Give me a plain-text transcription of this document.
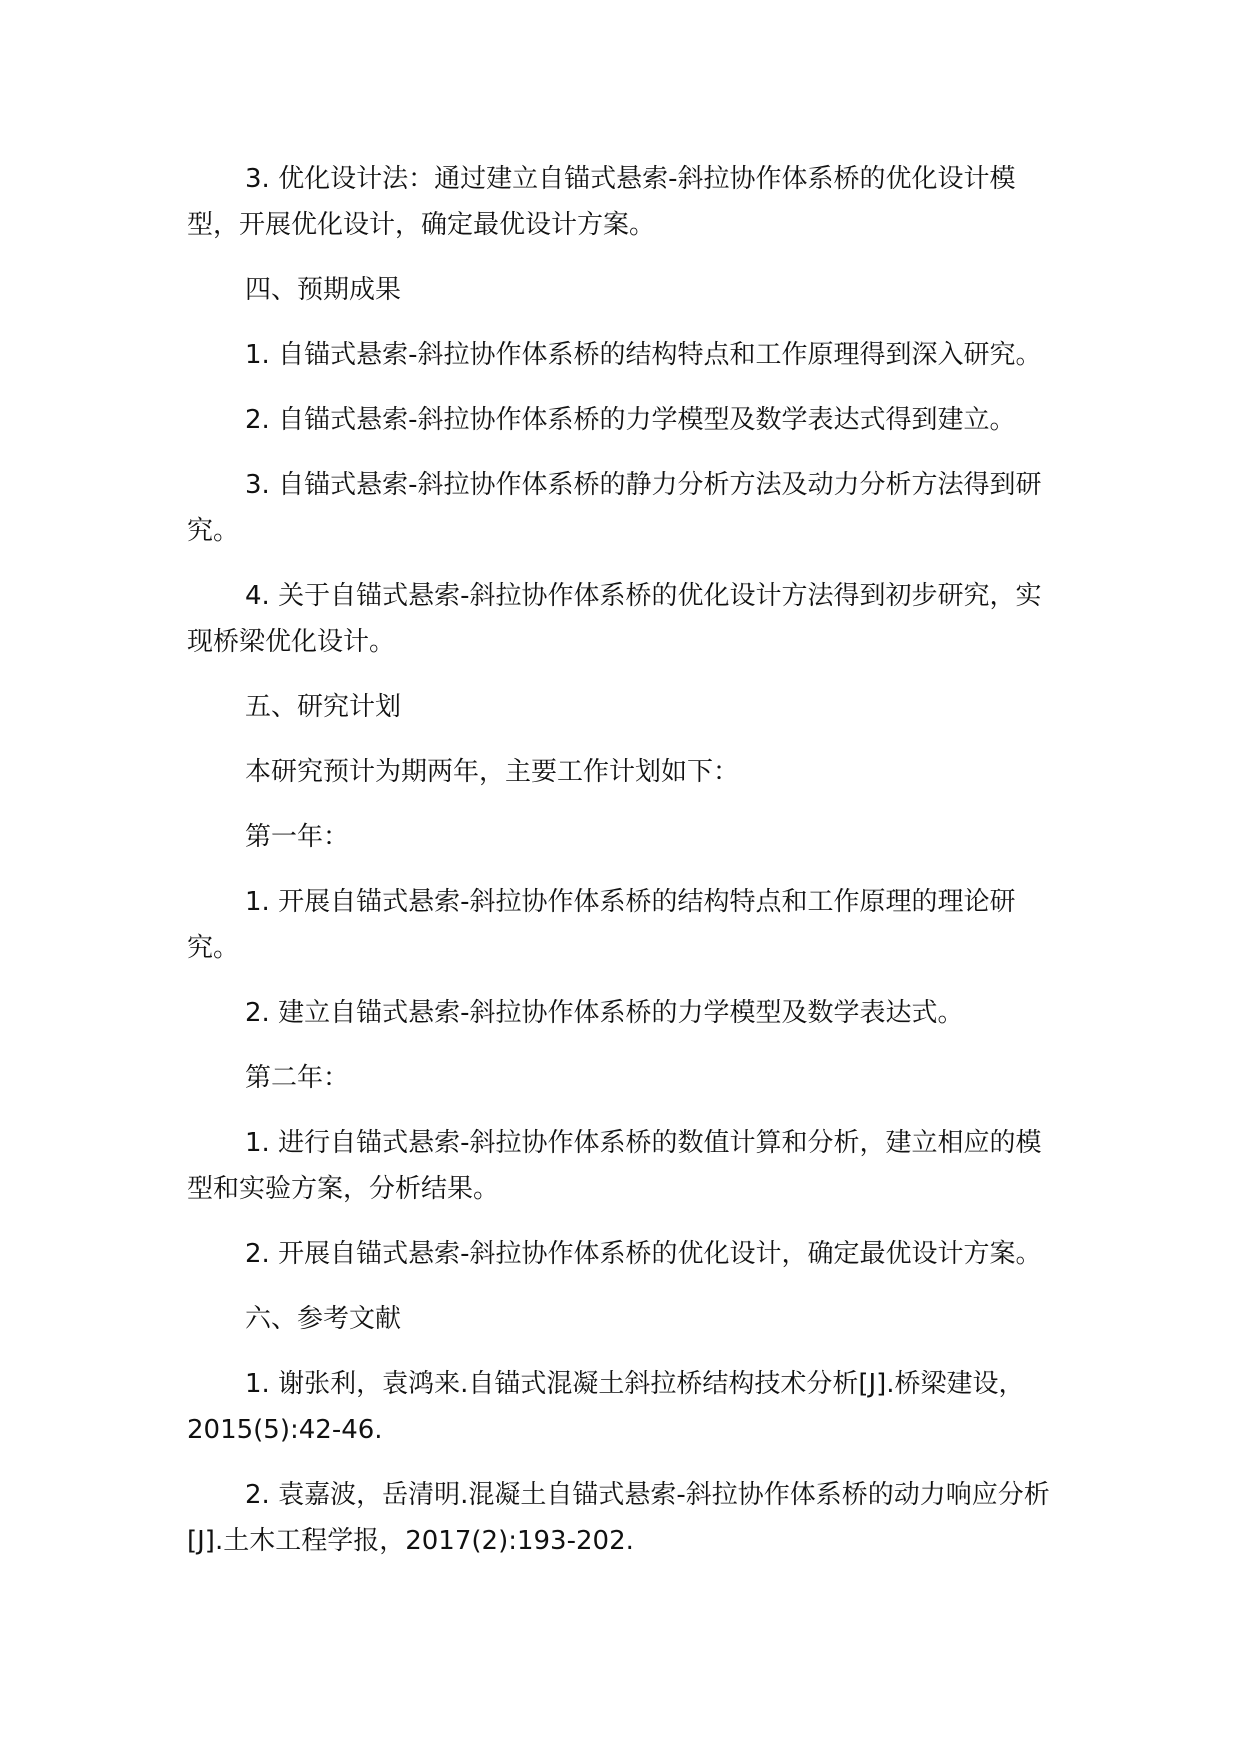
3. 优化设计法：通过建立自锚式悬索-斜拉协作体系桥的优化设计模型，开展优化设计，确定最优设计方案。

四、预期成果

1. 自锚式悬索-斜拉协作体系桥的结构特点和工作原理得到深入研究。

2. 自锚式悬索-斜拉协作体系桥的力学模型及数学表达式得到建立。

3. 自锚式悬索-斜拉协作体系桥的静力分析方法及动力分析方法得到研究。

4. 关于自锚式悬索-斜拉协作体系桥的优化设计方法得到初步研究，实现桥梁优化设计。

五、研究计划

本研究预计为期两年，主要工作计划如下：

第一年：

1. 开展自锚式悬索-斜拉协作体系桥的结构特点和工作原理的理论研究。

2. 建立自锚式悬索-斜拉协作体系桥的力学模型及数学表达式。

第二年：

1. 进行自锚式悬索-斜拉协作体系桥的数值计算和分析，建立相应的模型和实验方案，分析结果。

2. 开展自锚式悬索-斜拉协作体系桥的优化设计，确定最优设计方案。

六、参考文献

1. 谢张利，袁鸿来.自锚式混凝土斜拉桥结构技术分析[J].桥梁建设，2015(5):42-46.

2. 袁嘉波，岳清明.混凝土自锚式悬索-斜拉协作体系桥的动力响应分析[J].土木工程学报，2017(2):193-202.
